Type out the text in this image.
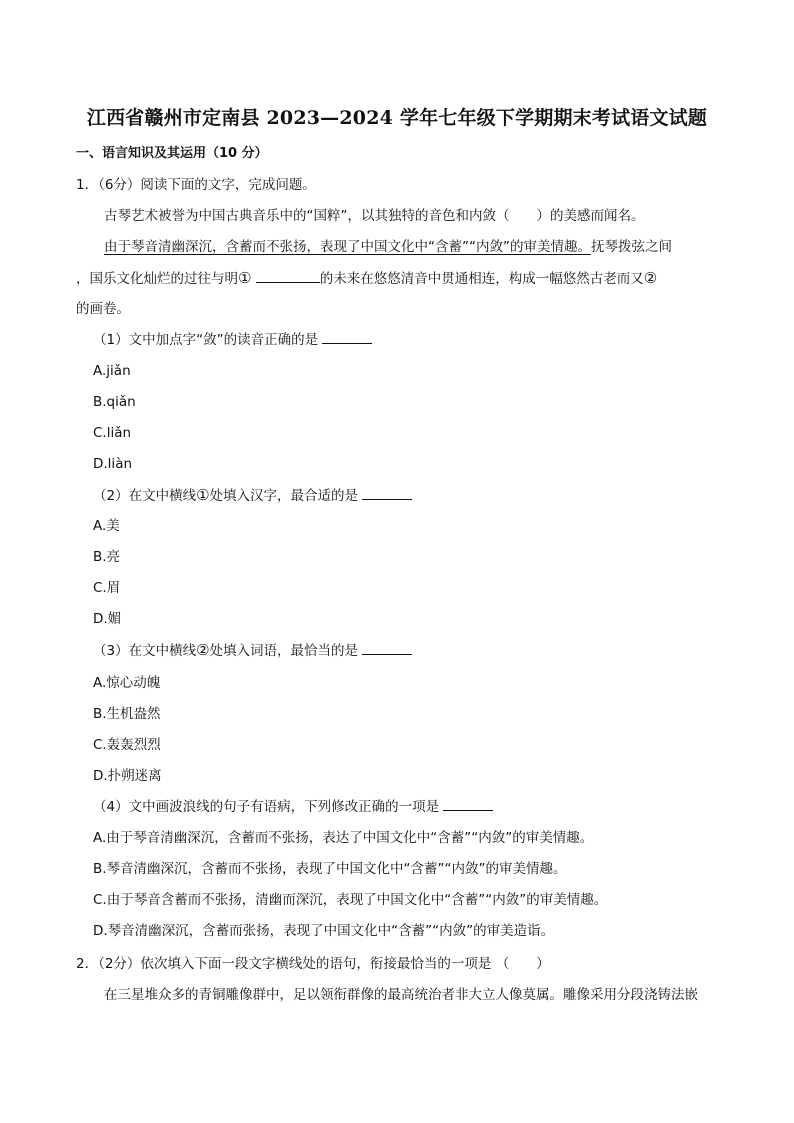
江西省赣州市定南县 2023—2024 学年七年级下学期期末考试语文试题
一、语言知识及其运用（10 分）
1．（6分）阅读下面的文字，完成问题。
古琴艺术被誉为中国古典音乐中的“国粹”，以其独特的音色和内敛（　　）的美感而闻名。
由于琴音清幽深沉，含蓄而不张扬，表现了中国文化中“含蓄”“内敛”的审美情趣。抚琴拨弦之间
，国乐文化灿烂的过往与明①	的未来在悠悠清音中贯通相连，构成一幅悠然古老而又②
的画卷。
（1）文中加点字“敛”的读音正确的是
A.jiǎn
B.qiǎn
C.liǎn
D.liàn
（2）在文中横线①处填入汉字，最合适的是
A.美
B.亮
C.眉
D.媚
（3）在文中横线②处填入词语，最恰当的是
A.惊心动魄
B.生机盎然
C.轰轰烈烈
D.扑朔迷离
（4）文中画波浪线的句子有语病，下列修改正确的一项是
A.由于琴音清幽深沉，含蓄而不张扬，表达了中国文化中“含蓄”“内敛”的审美情趣。
B.琴音清幽深沉，含蓄而不张扬，表现了中国文化中“含蓄”“内敛”的审美情趣。
C.由于琴音含蓄而不张扬，清幽而深沉，表现了中国文化中“含蓄”“内敛”的审美情趣。
D.琴音清幽深沉，含蓄而张扬，表现了中国文化中“含蓄”“内敛”的审美造诣。
2．（2分）依次填入下面一段文字横线处的语句，衔接最恰当的一项是 （　　）
在三星堆众多的青铜雕像群中，足以领衔群像的最高统治者非大立人像莫属。雕像采用分段浇铸法嵌
